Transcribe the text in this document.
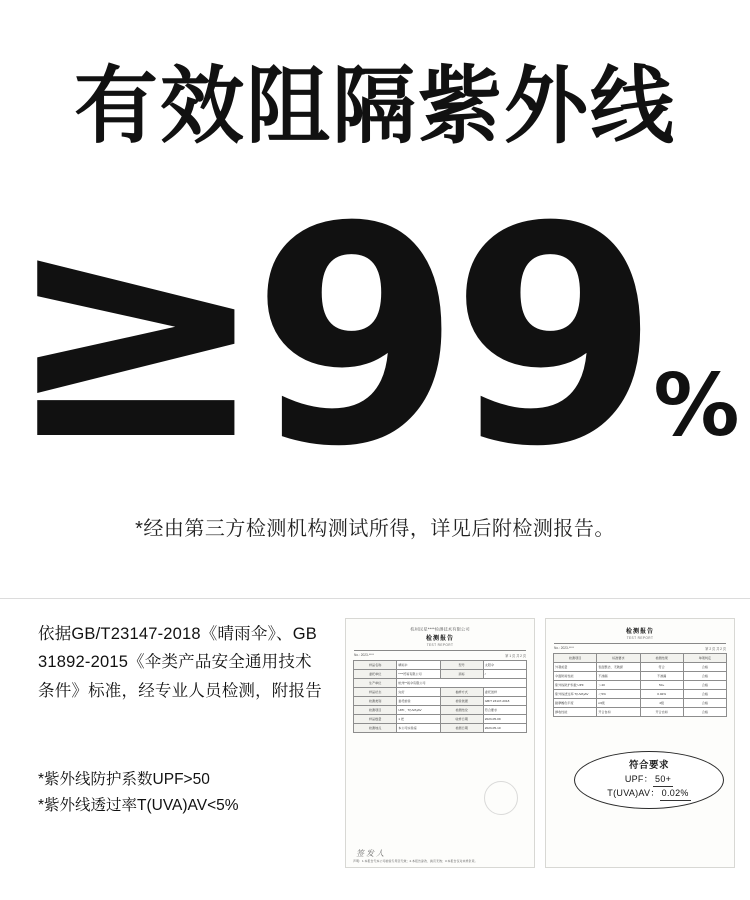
有效阻隔紫外线
≥
99 %

*经由第三方检测机构测试所得，详见后附检测报告。

依据GB/T23147-2018《晴雨伞》、GB 31892-2015《伞类产品安全通用技术条件》标准，经专业人员检测，附报告

*紫外线防护系数UPF>50
*紫外线透过率T(UVA)AV<5%
杭州民星****检测技术有限公司
检测报告
TEST REPORT
No.: 2023-****	第 1 页 共 2 页
样品名称	晴雨伞	型号	太阳伞
委托单位	****贸易有限公司	商标	/
生产单位	杭州**雨伞有限公司		
样品状态	完好	抽样方式	委托送样
检测类别	委托检验	检验依据	GB/T 23147-2018
检测项目	UPF、T(UVA)AV	检测结论	符合要求
样品数量	1 把	收样日期	2023-05-09
检测地点	本公司实验室	检测日期	2023-05-10
声明：1.本报告无本公司检验专用章无效；2.本报告涂改、换页无效；3.本报告仅对来样负责。
签发人
检测报告
TEST REPORT
No.: 2023-****	第 2 页 共 2 页
检测项目	标准要求	检测结果	单项判定
外观质量	表面整洁、无破损	符合	合格
伞面防雨性能	不渗漏	不渗漏	合格
紫外线防护系数 UPF	＞40	50+	合格
紫外线透过率 T(UVA)AV	＜5%	0.02%	合格
耐摩擦色牢度	≥3级	4级	合格
撑收性能	开合自如	开合自如	合格
符合要求
UPF： 50+
T(UVA)AV： 0.02%
